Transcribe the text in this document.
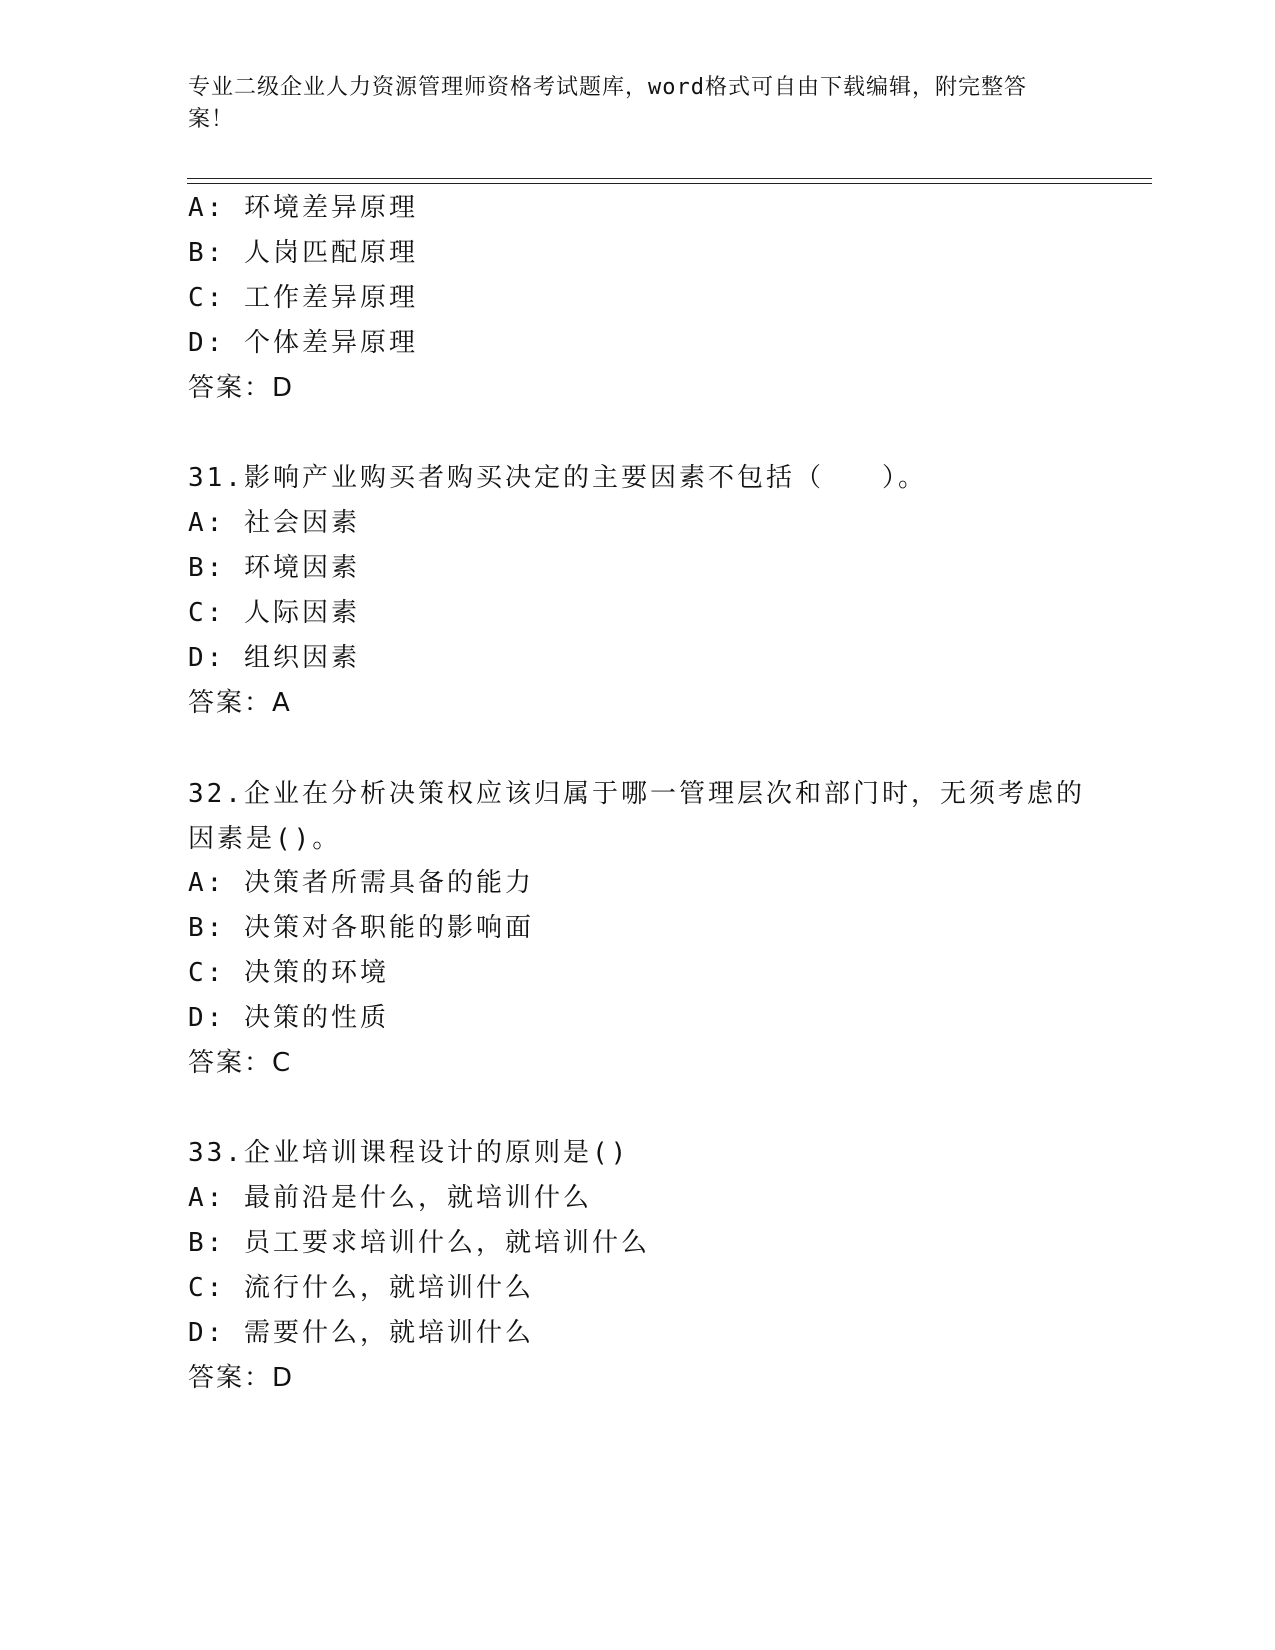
专业二级企业人力资源管理师资格考试题库，word格式可自由下载编辑，附完整答案！
A: 环境差异原理
B: 人岗匹配原理
C: 工作差异原理
D: 个体差异原理
答案：D
31.影响产业购买者购买决定的主要因素不包括（　　）。
A: 社会因素
B: 环境因素
C: 人际因素
D: 组织因素
答案：A
32.企业在分析决策权应该归属于哪一管理层次和部门时，无须考虑的因素是()。
A: 决策者所需具备的能力
B: 决策对各职能的影响面
C: 决策的环境
D: 决策的性质
答案：C
33.企业培训课程设计的原则是()
A: 最前沿是什么，就培训什么
B: 员工要求培训什么，就培训什么
C: 流行什么，就培训什么
D: 需要什么，就培训什么
答案：D
